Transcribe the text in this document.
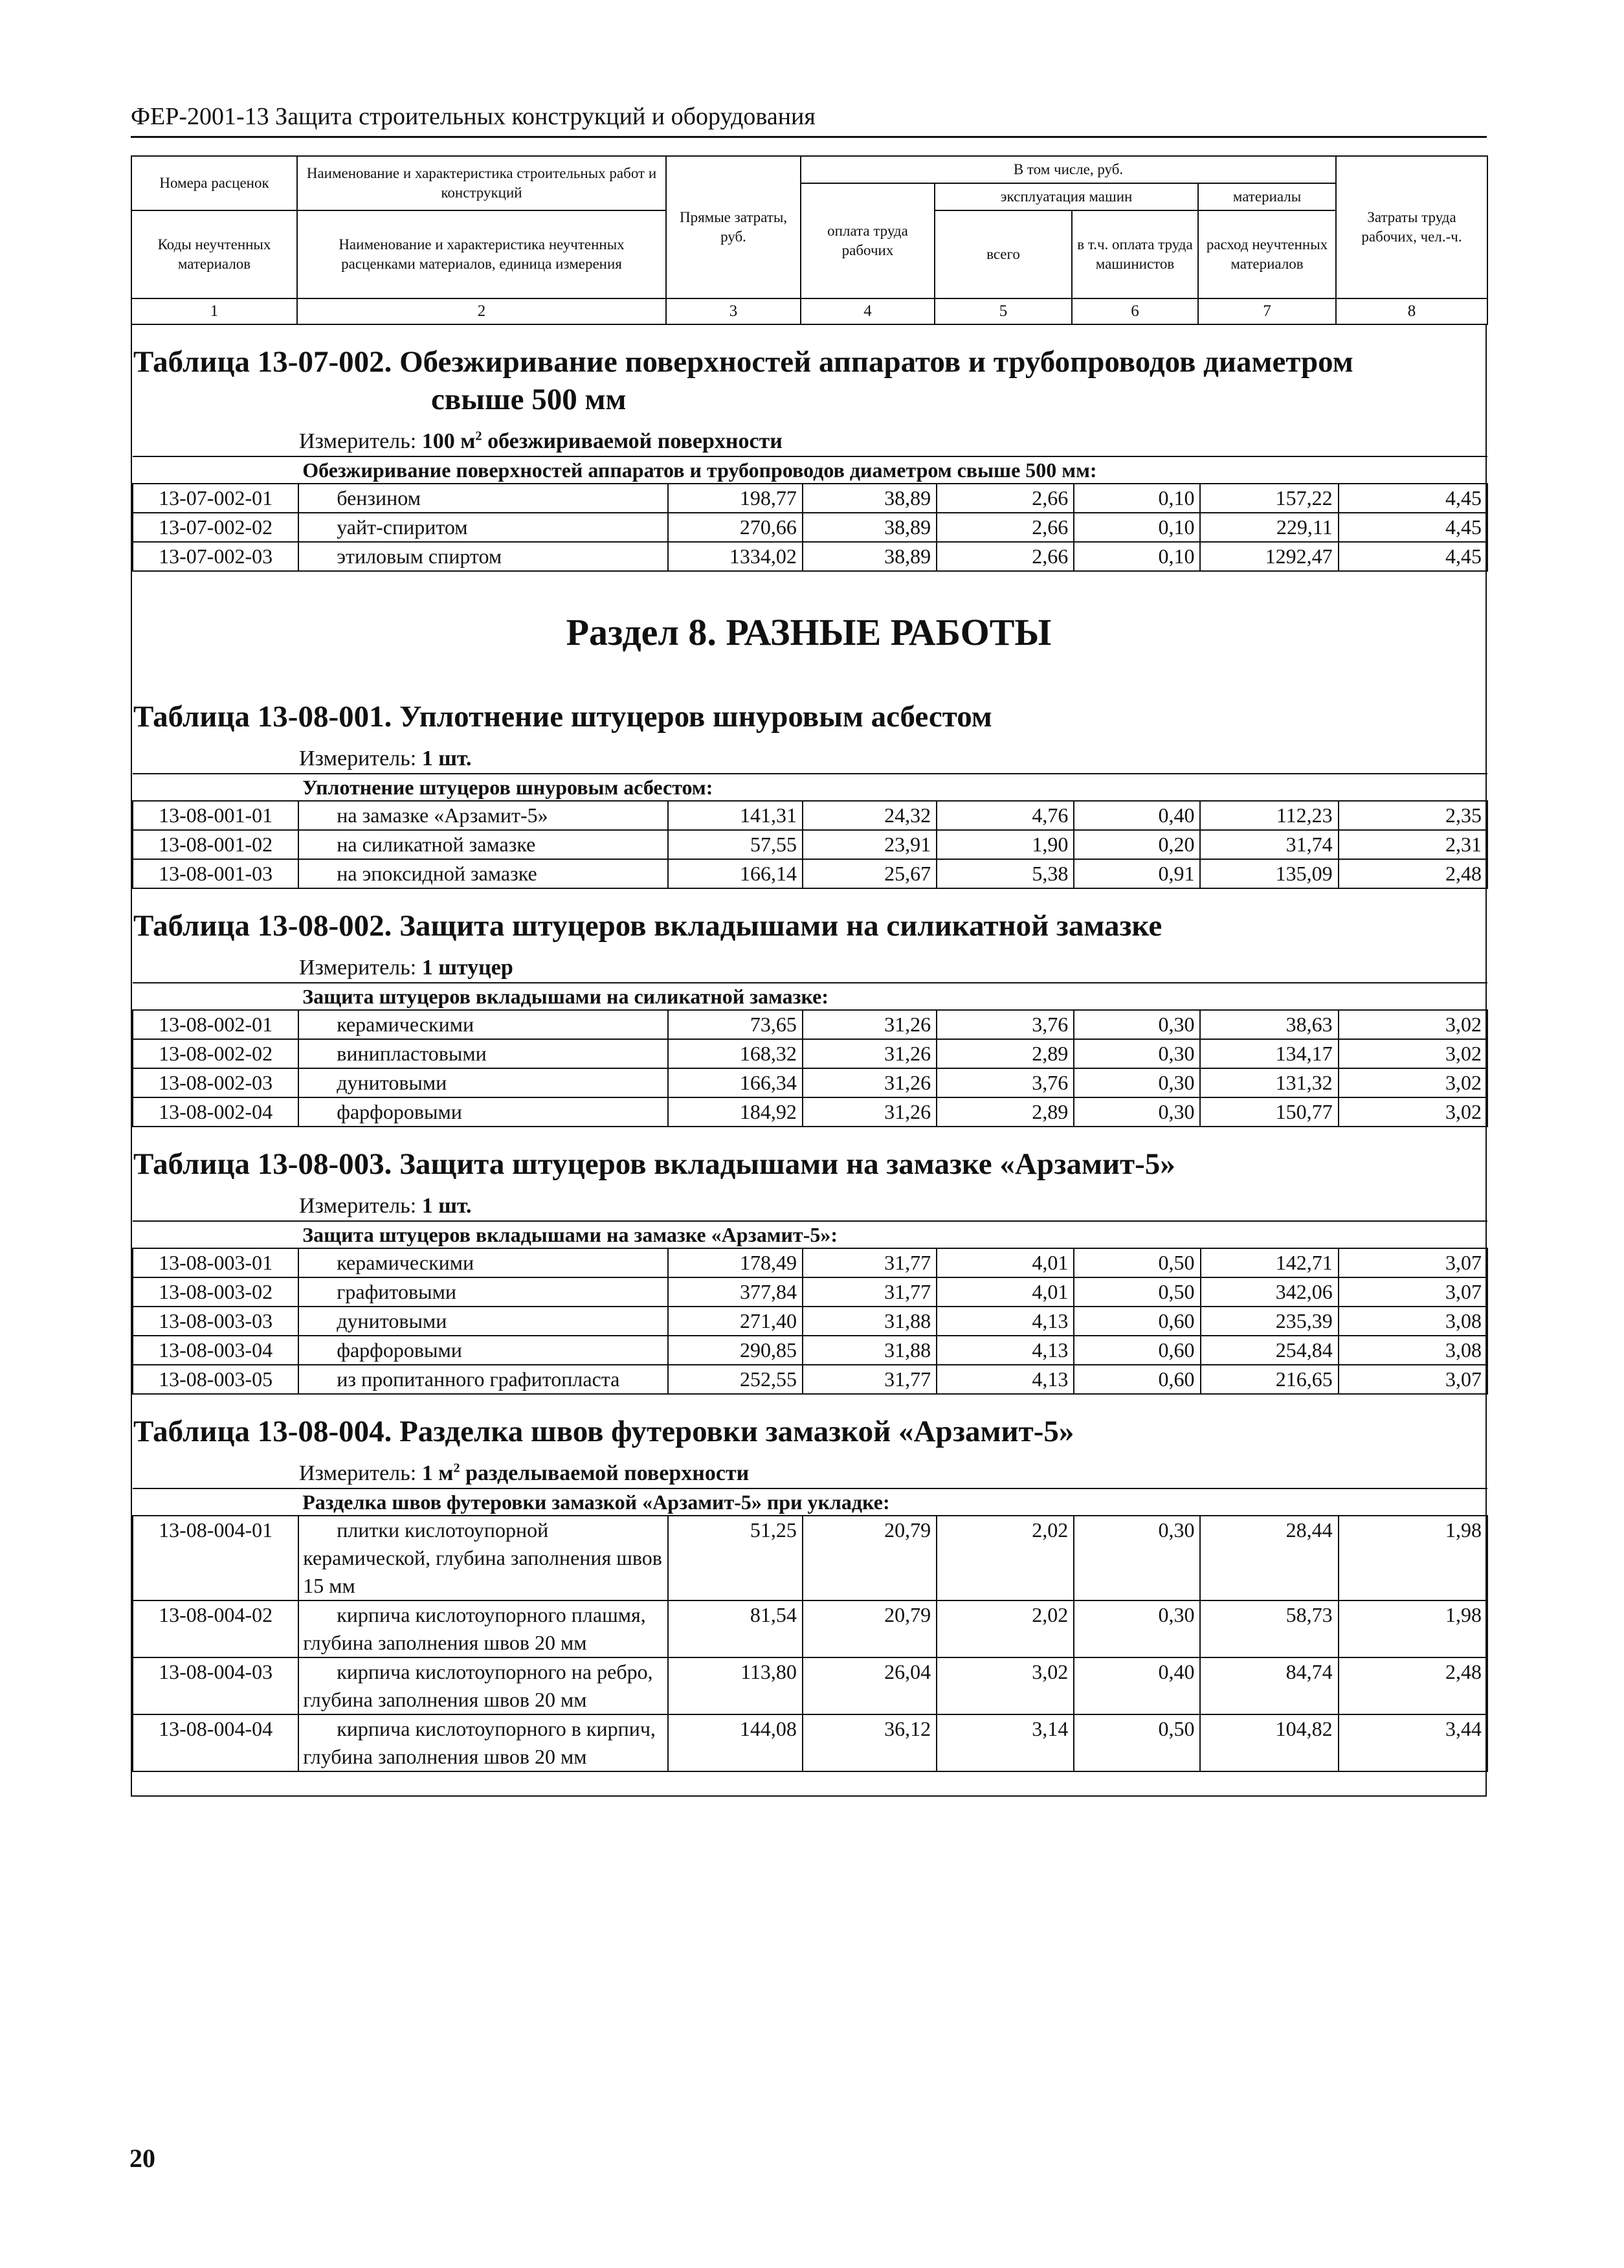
ФЕР-2001-13 Защита строительных конструкций и оборудования
Номера расценок	Наименование и характеристика строительных работ и конструкций	Прямые затраты, руб.	В том числе, руб.				Затраты труда рабочих, чел.-ч.
			оплата труда рабочих	эксплуатация машин		материалы	
Коды неучтенных материалов	Наименование и характеристика неучтенных расценками материалов, единица измерения			всего	в т.ч. оплата труда машинистов	расход неучтенных материалов	

1	2	3	4	5	6	7	8
Таблица 13-07-002. Обезжиривание поверхностей аппаратов и трубопроводов диаметром
свыше 500 мм
Измеритель: 100 $м^2$ обезжириваемой поверхности
	Обезжиривание поверхностей аппаратов и трубопроводов диаметром свыше 500 мм:						
13-07-002-01	бензином	198,77	38,89	2,66	0,10	157,22	4,45
13-07-002-02	уайт-спиритом	270,66	38,89	2,66	0,10	229,11	4,45
13-07-002-03	этиловым спиртом	1334,02	38,89	2,66	0,10	1292,47	4,45
Раздел 8. РАЗНЫЕ РАБОТЫ
Таблица 13-08-001. Уплотнение штуцеров шнуровым асбестом
Измеритель: 1 шт.
	Уплотнение штуцеров шнуровым асбестом:						
13-08-001-01	на замазке «Арзамит-5»	141,31	24,32	4,76	0,40	112,23	2,35
13-08-001-02	на силикатной замазке	57,55	23,91	1,90	0,20	31,74	2,31
13-08-001-03	на эпоксидной замазке	166,14	25,67	5,38	0,91	135,09	2,48
Таблица 13-08-002. Защита штуцеров вкладышами на силикатной замазке
Измеритель: 1 штуцер
	Защита штуцеров вкладышами на силикатной замазке:						
13-08-002-01	керамическими	73,65	31,26	3,76	0,30	38,63	3,02
13-08-002-02	винипластовыми	168,32	31,26	2,89	0,30	134,17	3,02
13-08-002-03	дунитовыми	166,34	31,26	3,76	0,30	131,32	3,02
13-08-002-04	фарфоровыми	184,92	31,26	2,89	0,30	150,77	3,02
Таблица 13-08-003. Защита штуцеров вкладышами на замазке «Арзамит-5»
Измеритель: 1 шт.
	Защита штуцеров вкладышами на замазке «Арзамит-5»:						
13-08-003-01	керамическими	178,49	31,77	4,01	0,50	142,71	3,07
13-08-003-02	графитовыми	377,84	31,77	4,01	0,50	342,06	3,07
13-08-003-03	дунитовыми	271,40	31,88	4,13	0,60	235,39	3,08
13-08-003-04	фарфоровыми	290,85	31,88	4,13	0,60	254,84	3,08
13-08-003-05	из пропитанного графитопласта	252,55	31,77	4,13	0,60	216,65	3,07
Таблица 13-08-004. Разделка швов футеровки замазкой «Арзамит-5»
Измеритель: 1 $м^2$ разделываемой поверхности
	Разделка швов футеровки замазкой «Арзамит-5» при укладке:						
13-08-004-01	плитки кислотоупорной керамической, глубина заполнения швов 15 мм	51,25	20,79	2,02	0,30	28,44	1,98
13-08-004-02	кирпича кислотоупорного плашмя, глубина заполнения швов 20 мм	81,54	20,79	2,02	0,30	58,73	1,98
13-08-004-03	кирпича кислотоупорного на ребро, глубина заполнения швов 20 мм	113,80	26,04	3,02	0,40	84,74	2,48
13-08-004-04	кирпича кислотоупорного в кирпич, глубина заполнения швов 20 мм	144,08	36,12	3,14	0,50	104,82	3,44
20
